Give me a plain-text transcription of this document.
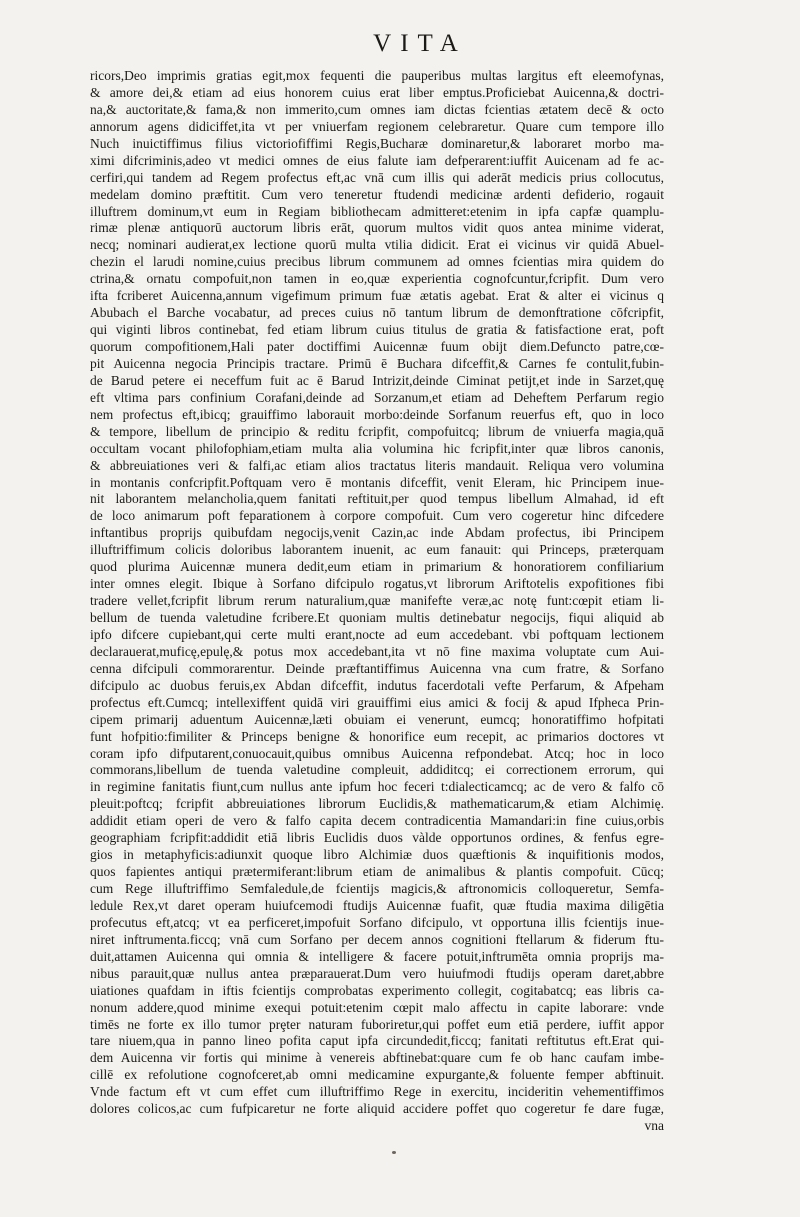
VITA
ricors,Deo imprimis gratias egit,mox fequenti die pauperibus multas largitus eft eleemofynas,
& amore dei,& etiam ad eius honorem cuius erat liber emptus.Proficiebat Auicenna,& doctri-
na,& auctoritate,& fama,& non immerito,cum omnes iam dictas fcientias ætatem decē & octo
annorum agens didiciffet,ita vt per vniuerfam regionem celebraretur. Quare cum tempore illo
Nuch inuictiffimus filius victoriofiffimi Regis,Bucharæ dominaretur,& laboraret morbo ma-
ximi difcriminis,adeo vt medici omnes de eius falute iam defperarent:iuffit Auicenam ad fe ac-
cerfiri,qui tandem ad Regem profectus eft,ac vnā cum illis qui aderāt medicis prius collocutus,
medelam domino præftitit. Cum vero teneretur ftudendi medicinæ ardenti defiderio, rogauit
illuftrem dominum,vt eum in Regiam bibliothecam admitteret:etenim in ipfa capfæ quamplu-
rimæ plenæ antiquorū auctorum libris erāt, quorum multos vidit quos antea minime viderat,
necq; nominari audierat,ex lectione quorū multa vtilia didicit. Erat ei vicinus vir quidā Abuel-
chezin el larudi nomine,cuius precibus librum communem ad omnes fcientias mira quidem do
ctrina,& ornatu compofuit,non tamen in eo,quæ experientia cognofcuntur,fcripfit. Dum vero
ifta fcriberet Auicenna,annum vigefimum primum fuæ ætatis agebat. Erat & alter ei vicinus q
Abubach el Barche vocabatur, ad preces cuius nō tantum librum de demonftratione cōfcripfit,
qui viginti libros continebat, fed etiam librum cuius titulus de gratia & fatisfactione erat, poft
quorum compofitionem,Hali pater doctiffimi Auicennæ fuum obijt diem.Defuncto patre,cœ-
pit Auicenna negocia Principis tractare. Primū ē Buchara difceffit,& Carnes fe contulit,fubin-
de Barud petere ei neceffum fuit ac ē Barud Intrizit,deinde Ciminat petijt,et inde in Sarzet,quę
eft vltima pars confinium Corafani,deinde ad Sorzanum,et etiam ad Deheftem Perfarum regio
nem profectus eft,ibicq; grauiffimo laborauit morbo:deinde Sorfanum reuerfus eft, quo in loco
& tempore, libellum de principio & reditu fcripfit, compofuitcq; librum de vniuerfa magia,quā
occultam vocant philofophiam,etiam multa alia volumina hic fcripfit,inter quæ libros canonis,
& abbreuiationes veri & falfi,ac etiam alios tractatus literis mandauit. Reliqua vero volumina
in montanis confcripfit.Poftquam vero ē montanis difceffit, venit Eleram, hic Principem inue-
nit laborantem melancholia,quem fanitati reftituit,per quod tempus libellum Almahad, id eft
de loco animarum poft feparationem à corpore compofuit. Cum vero cogeretur hinc difcedere
inftantibus proprijs quibufdam negocijs,venit Cazin,ac inde Abdam profectus, ibi Principem
illuftriffimum colicis doloribus laborantem inuenit, ac eum fanauit: qui Princeps, præterquam
quod plurima Auicennæ munera dedit,eum etiam in primarium & honoratiorem confiliarium
inter omnes elegit. Ibique à Sorfano difcipulo rogatus,vt librorum Ariftotelis expofitiones fibi
tradere vellet,fcripfit librum rerum naturalium,quæ manifefte veræ,ac notę funt:cœpit etiam li-
bellum de tuenda valetudine fcribere.Et quoniam multis detinebatur negocijs, fiqui aliquid ab
ipfo difcere cupiebant,qui certe multi erant,nocte ad eum accedebant. vbi poftquam lectionem
declarauerat,muficę,epulę,& potus mox accedebant,ita vt nō fine maxima voluptate cum Aui-
cenna difcipuli commorarentur. Deinde præftantiffimus Auicenna vna cum fratre, & Sorfano
difcipulo ac duobus feruis,ex Abdan difceffit, indutus facerdotali vefte Perfarum, & Afpeham
profectus eft.Cumcq; intellexiffent quidā viri grauiffimi eius amici & focij & apud Ifpheca Prin-
cipem primarij aduentum Auicennæ,læti obuiam ei venerunt, eumcq; honoratiffimo hofpitati
funt hofpitio:fimiliter & Princeps benigne & honorifice eum recepit, ac primarios doctores vt
coram ipfo difputarent,conuocauit,quibus omnibus Auicenna refpondebat. Atcq; hoc in loco
commorans,libellum de tuenda valetudine compleuit, addiditcq; ei correctionem errorum, qui
in regimine fanitatis fiunt,cum nullus ante ipfum hoc feceri t:dialecticamcq; ac de vero & falfo cō
pleuit:poftcq; fcripfit abbreuiationes librorum Euclidis,& mathematicarum,& etiam Alchimię.
addidit etiam operi de vero & falfo capita decem contradicentia Mamandari:in fine cuius,orbis
geographiam fcripfit:addidit etiā libris Euclidis duos vàlde opportunos ordines, & fenfus egre-
gios in metaphyficis:adiunxit quoque libro Alchimiæ duos quæftionis & inquifitionis modos,
quos fapientes antiqui prætermiferant:librum etiam de animalibus & plantis compofuit. Cūcq;
cum Rege illuftriffimo Semfaledule,de fcientijs magicis,& aftronomicis colloqueretur, Semfa-
ledule Rex,vt daret operam huiufcemodi ftudijs Auicennæ fuafit, quæ ftudia maxima diligētia
profecutus eft,atcq; vt ea perficeret,impofuit Sorfano difcipulo, vt opportuna illis fcientijs inue-
niret inftrumenta.ficcq; vnā cum Sorfano per decem annos cognitioni ftellarum & fiderum ftu-
duit,attamen Auicenna qui omnia & intelligere & facere potuit,inftrumēta omnia proprijs ma-
nibus parauit,quæ nullus antea præparauerat.Dum vero huiufmodi ftudijs operam daret,abbre
uiationes quafdam in iftis fcientijs comprobatas experimento collegit, cogitabatcq; eas libris ca-
nonum addere,quod minime exequi potuit:etenim cœpit malo affectu in capite laborare: vnde
timēs ne forte ex illo tumor prȩter naturam fuboriretur,qui poffet eum etiā perdere, iuffit appor
tare niuem,qua in panno lineo pofita caput ipfa circundedit,ficcq; fanitati reftitutus eft.Erat qui-
dem Auicenna vir fortis qui minime à venereis abftinebat:quare cum fe ob hanc caufam imbe-
cillē ex refolutione cognofceret,ab omni medicamine expurgante,& foluente femper abftinuit.
Vnde factum eft vt cum effet cum illuftriffimo Rege in exercitu, incideritin vehementiffimos
dolores colicos,ac cum fufpicaretur ne forte aliquid accidere poffet quo cogeretur fe dare fugæ,
vna
